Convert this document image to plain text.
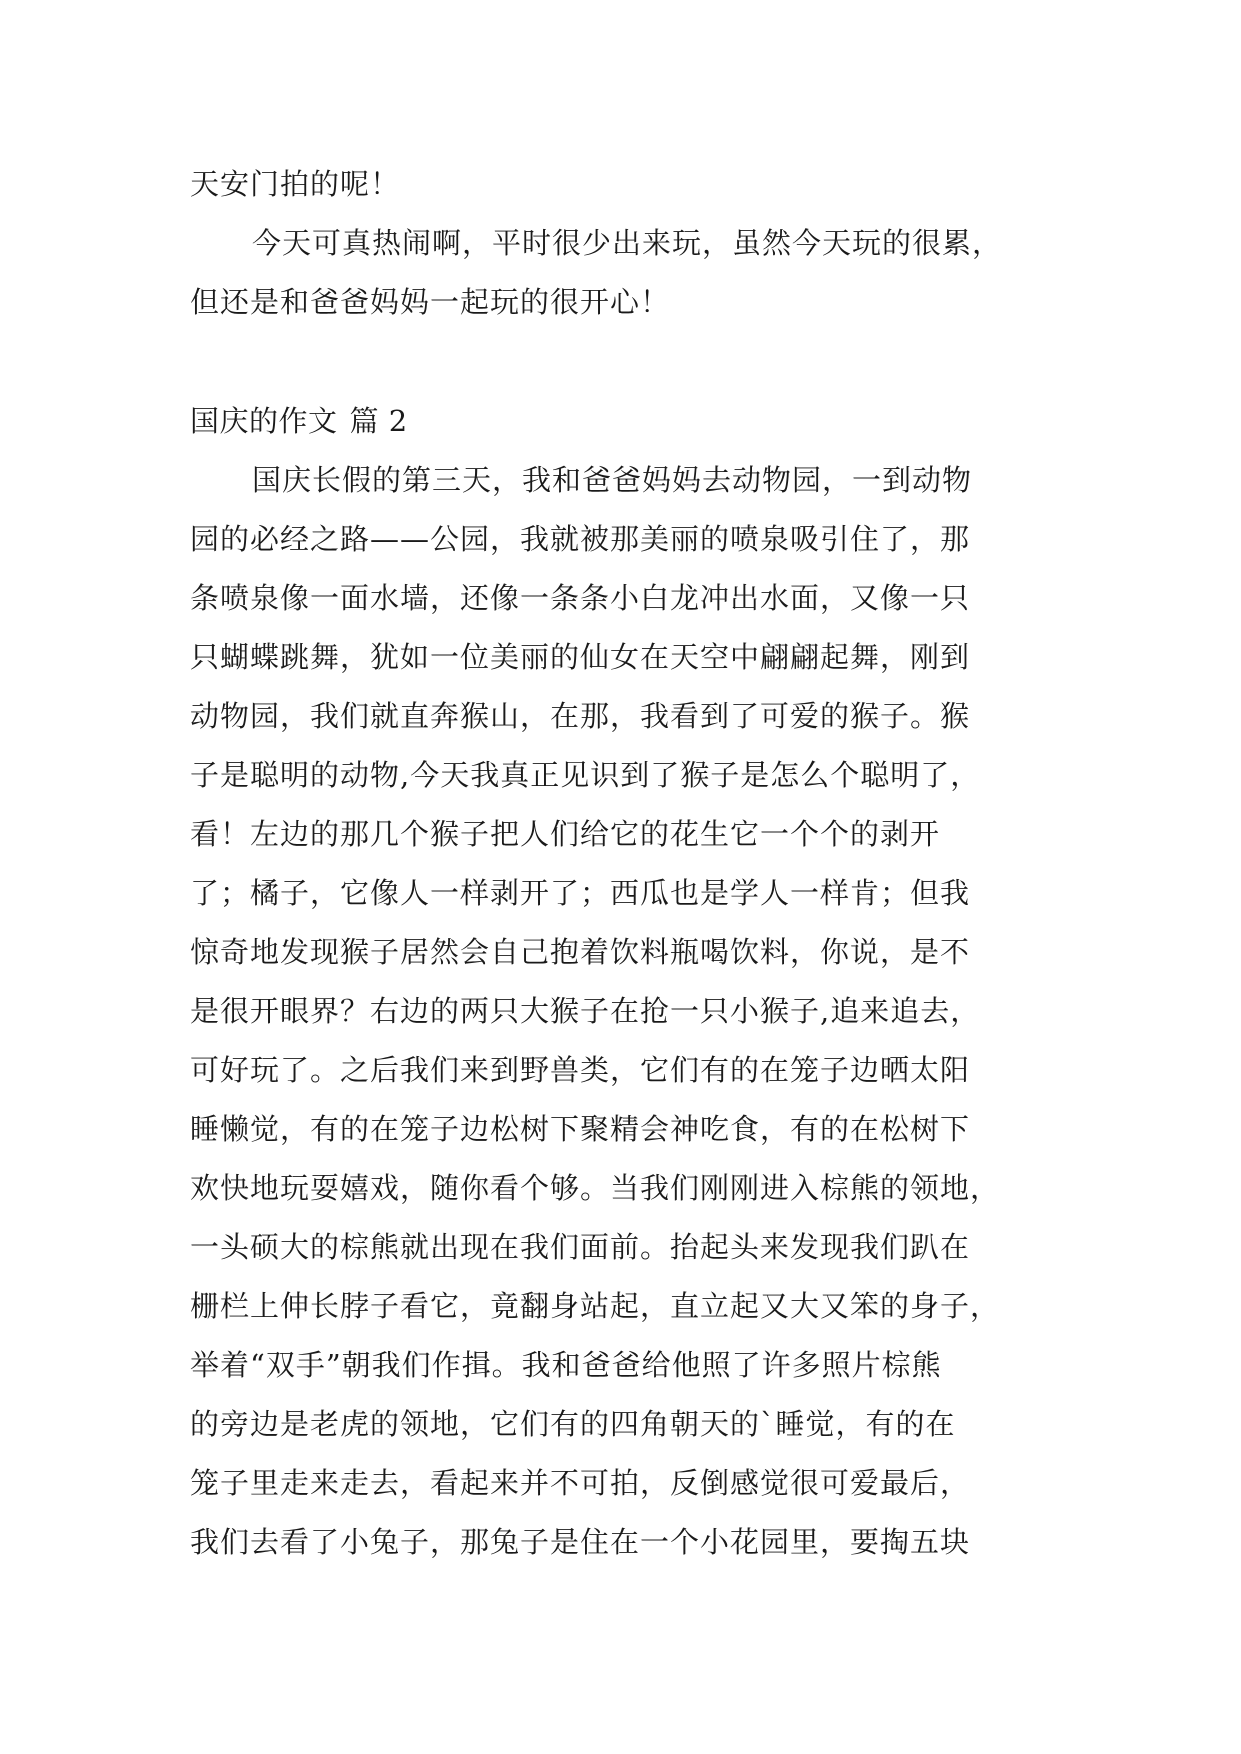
天安门拍的呢！

今天可真热闹啊，平时很少出来玩，虽然今天玩的很累，
但还是和爸爸妈妈一起玩的很开心！

国庆的作文 篇 2

国庆长假的第三天，我和爸爸妈妈去动物园，一到动物
园的必经之路——公园，我就被那美丽的喷泉吸引住了，那
条喷泉像一面水墙，还像一条条小白龙冲出水面，又像一只
只蝴蝶跳舞，犹如一位美丽的仙女在天空中翩翩起舞，刚到
动物园，我们就直奔猴山，在那，我看到了可爱的猴子。猴
子是聪明的动物,今天我真正见识到了猴子是怎么个聪明了，
看！左边的那几个猴子把人们给它的花生它一个个的剥开
了；橘子，它像人一样剥开了；西瓜也是学人一样肯；但我
惊奇地发现猴子居然会自己抱着饮料瓶喝饮料，你说，是不
是很开眼界？右边的两只大猴子在抢一只小猴子,追来追去，
可好玩了。之后我们来到野兽类，它们有的在笼子边晒太阳
睡懒觉，有的在笼子边松树下聚精会神吃食，有的在松树下
欢快地玩耍嬉戏，随你看个够。当我们刚刚进入棕熊的领地，
一头硕大的棕熊就出现在我们面前。抬起头来发现我们趴在
栅栏上伸长脖子看它，竟翻身站起，直立起又大又笨的身子，
举着“双手”朝我们作揖。我和爸爸给他照了许多照片棕熊
的旁边是老虎的领地，它们有的四角朝天的`睡觉，有的在
笼子里走来走去，看起来并不可拍，反倒感觉很可爱最后，
我们去看了小兔子，那兔子是住在一个小花园里，要掏五块
